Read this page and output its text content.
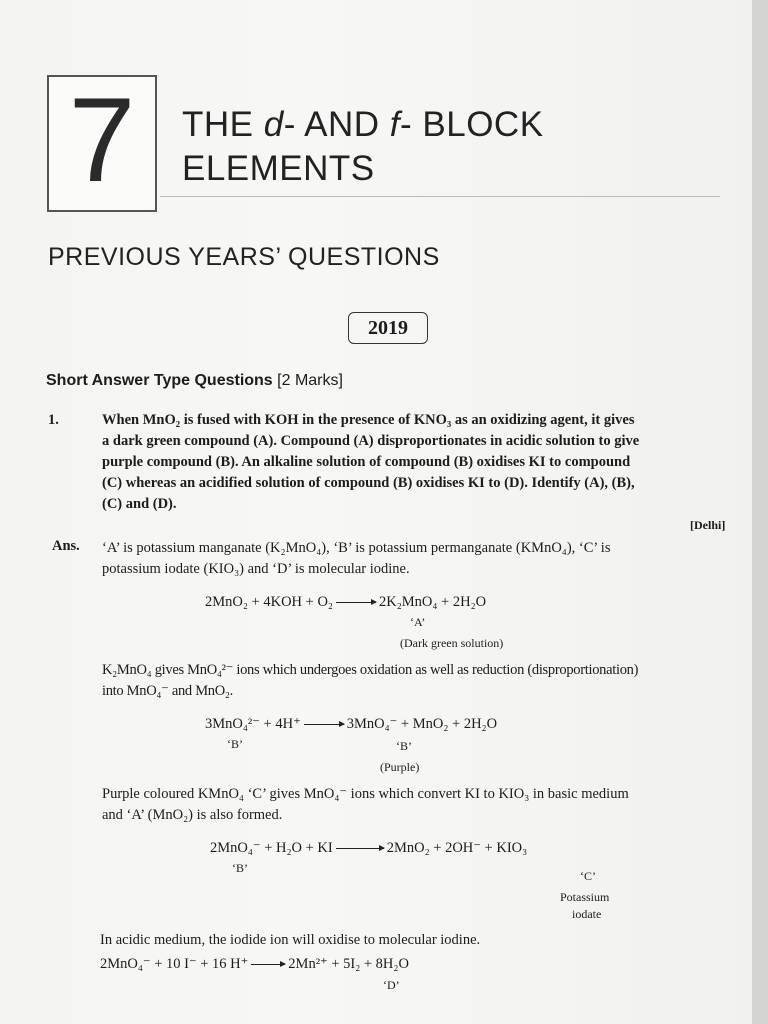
7	THE d- AND f- BLOCK
ELEMENTS
PREVIOUS YEARS’ QUESTIONS
2019
Short Answer Type Questions [2 Marks]
1.	When MnO₂ is fused with KOH in the presence of KNO₃ as an oxidizing agent, it gives
a dark green compound (A). Compound (A) disproportionates in acidic solution to give
purple compound (B). An alkaline solution of compound (B) oxidises KI to compound
(C) whereas an acidified solution of compound (B) oxidises KI to (D). Identify (A), (B),
(C) and (D).
[Delhi]
Ans. ‘A’ is potassium manganate (K₂MnO₄), ‘B’ is potassium permanganate (KMnO₄), ‘C’ is
potassium iodate (KIO₃) and ‘D’ is molecular iodine.
2MnO₂ + 4KOH + O₂ → 2K₂MnO₄ + 2H₂O
‘A’
(Dark green solution)
K₂MnO₄ gives MnO₄²⁻ ions which undergoes oxidation as well as reduction (disproportionation)
into MnO₄⁻ and MnO₂.
3MnO₄²⁻ + 4H⁺ → 3MnO₄⁻ + MnO₂ + 2H₂O
‘B’	‘B’
(Purple)
Purple coloured KMnO₄ ‘C’ gives MnO₄⁻ ions which convert KI to KIO₃ in basic medium
and ‘A’ (MnO₂) is also formed.
2MnO₄⁻ + H₂O + KI → 2MnO₂ + 2OH⁻ + KIO₃
‘B’
‘C’
Potassium
iodate
In acidic medium, the iodide ion will oxidise to molecular iodine.
2MnO₄⁻ + 10 I⁻ + 16 H⁺ → 2Mn²⁺ + 5I₂ + 8H₂O
‘D’
